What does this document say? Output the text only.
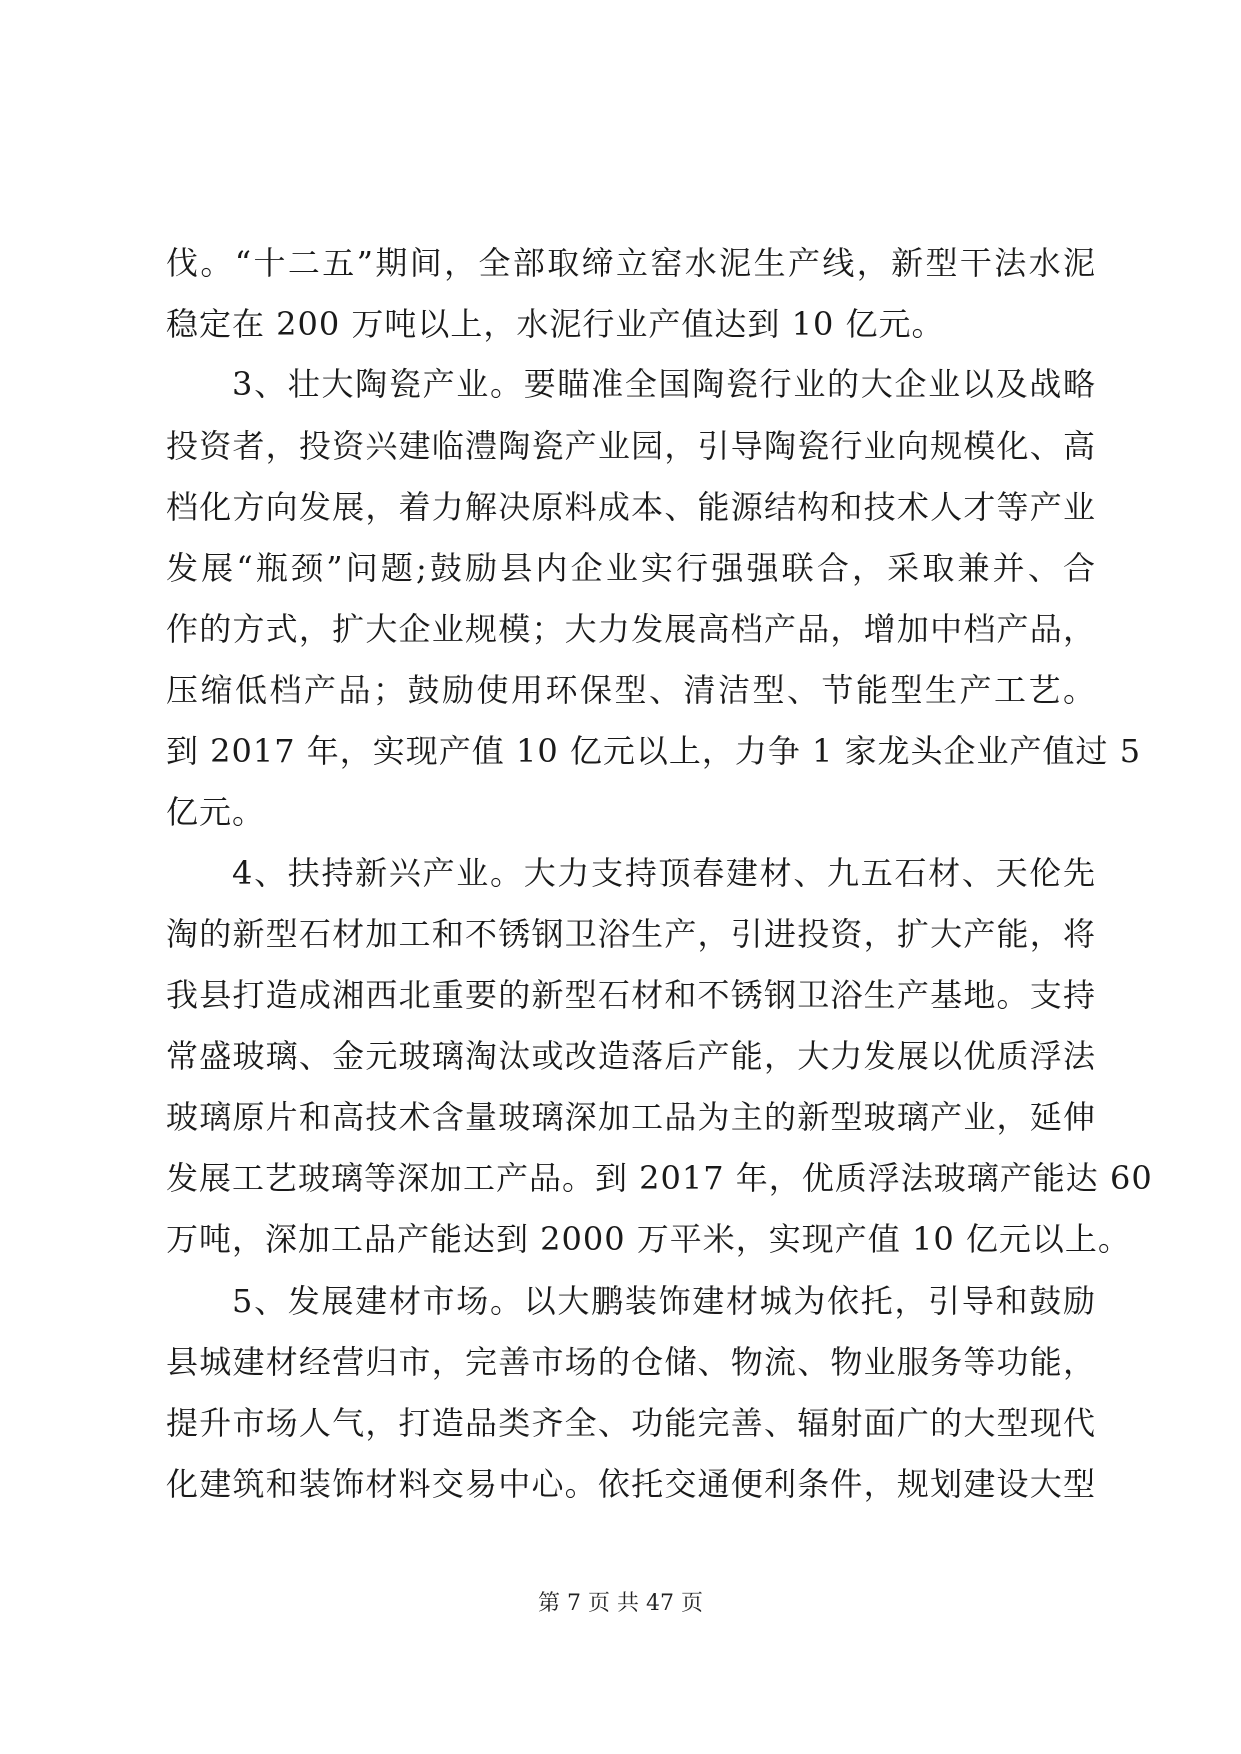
伐。“十二五”期间，全部取缔立窑水泥生产线，新型干法水泥
稳定在 200 万吨以上，水泥行业产值达到 10 亿元。
3、壮大陶瓷产业。要瞄准全国陶瓷行业的大企业以及战略
投资者，投资兴建临澧陶瓷产业园，引导陶瓷行业向规模化、高
档化方向发展，着力解决原料成本、能源结构和技术人才等产业
发展“瓶颈”问题;鼓励县内企业实行强强联合，采取兼并、合
作的方式，扩大企业规模；大力发展高档产品，增加中档产品，
压缩低档产品；鼓励使用环保型、清洁型、节能型生产工艺。
到 2017 年，实现产值 10 亿元以上，力争 1 家龙头企业产值过 5
亿元。
4、扶持新兴产业。大力支持顶春建材、九五石材、天伦先
淘的新型石材加工和不锈钢卫浴生产，引进投资，扩大产能，将
我县打造成湘西北重要的新型石材和不锈钢卫浴生产基地。支持
常盛玻璃、金元玻璃淘汰或改造落后产能，大力发展以优质浮法
玻璃原片和高技术含量玻璃深加工品为主的新型玻璃产业，延伸
发展工艺玻璃等深加工产品。到 2017 年，优质浮法玻璃产能达 60
万吨，深加工品产能达到 2000 万平米，实现产值 10 亿元以上。
5、发展建材市场。以大鹏装饰建材城为依托，引导和鼓励
县城建材经营归市，完善市场的仓储、物流、物业服务等功能，
提升市场人气，打造品类齐全、功能完善、辐射面广的大型现代
化建筑和装饰材料交易中心。依托交通便利条件，规划建设大型
第 7 页 共 47 页
